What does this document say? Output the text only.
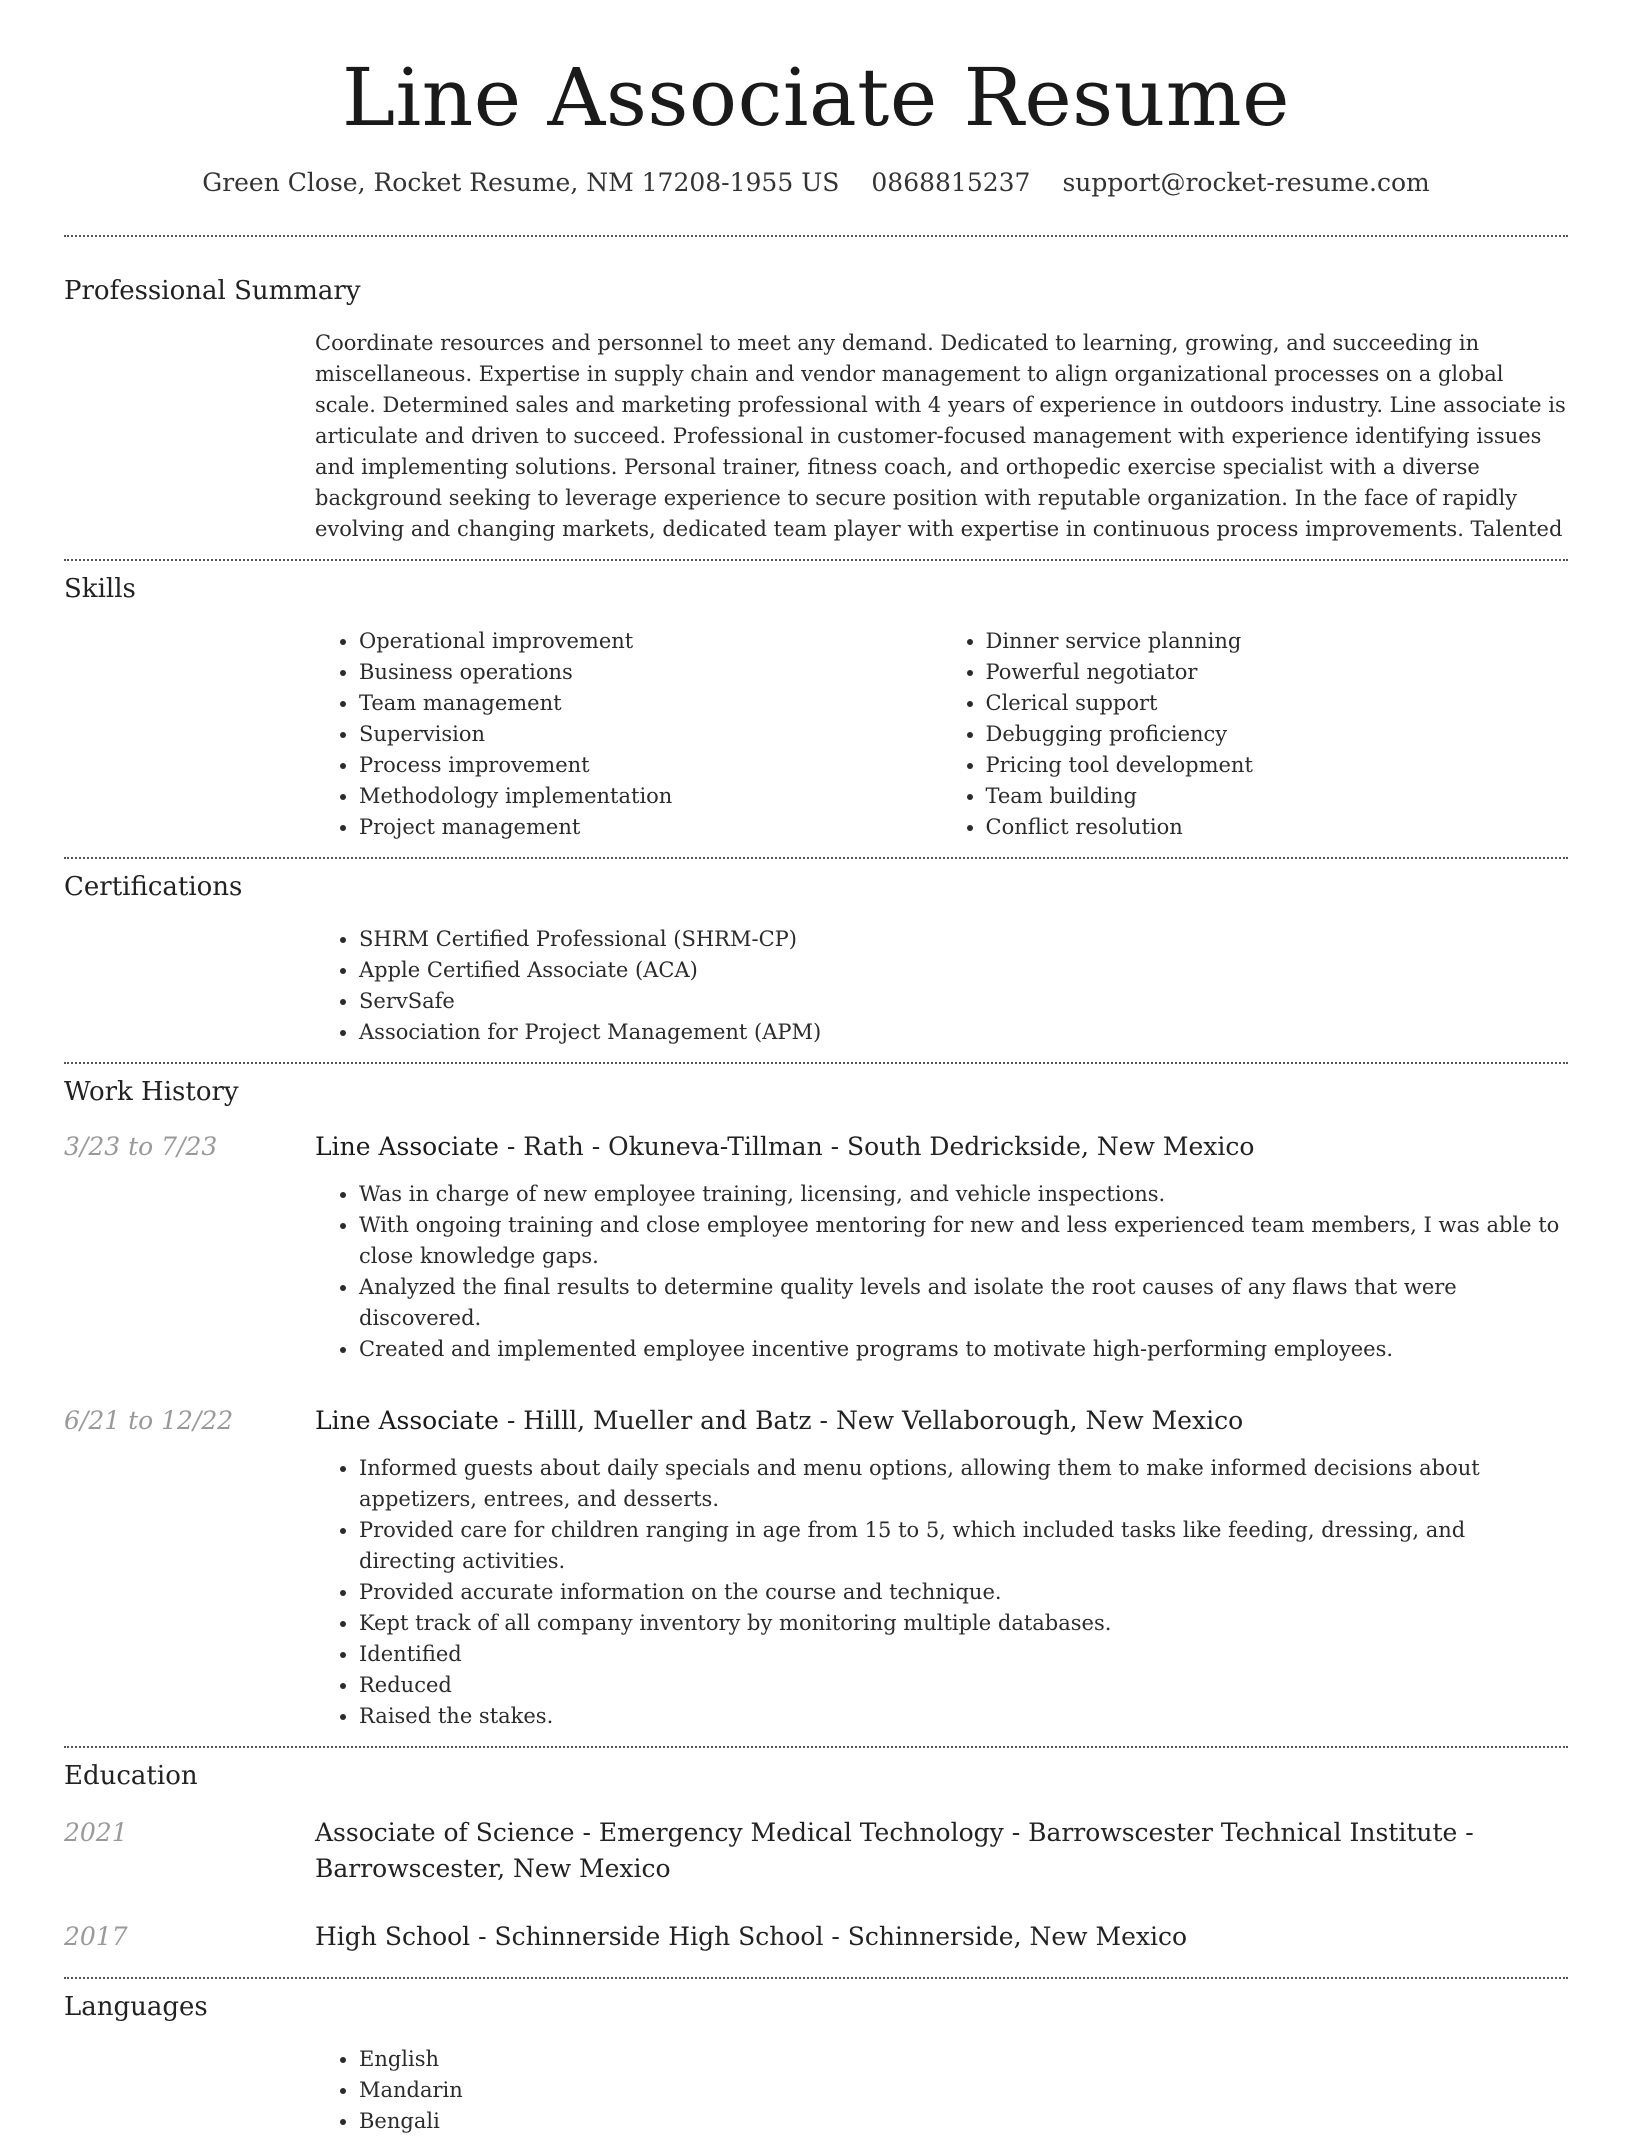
Line Associate Resume
Green Close, Rocket Resume, NM 17208-1955 US 0868815237 support@rocket-resume.com
Professional Summary
Coordinate resources and personnel to meet any demand. Dedicated to learning, growing, and succeeding in miscellaneous. Expertise in supply chain and vendor management to align organizational processes on a global scale. Determined sales and marketing professional with 4 years of experience in outdoors industry. Line associate is articulate and driven to succeed. Professional in customer-focused management with experience identifying issues and implementing solutions. Personal trainer, fitness coach, and orthopedic exercise specialist with a diverse background seeking to leverage experience to secure position with reputable organization. In the face of rapidly evolving and changing markets, dedicated team player with expertise in continuous process improvements. Talented
Skills
• Operational improvement
• Business operations
• Team management
• Supervision
• Process improvement
• Methodology implementation
• Project management
• Dinner service planning
• Powerful negotiator
• Clerical support
• Debugging proficiency
• Pricing tool development
• Team building
• Conflict resolution
Certifications
• SHRM Certified Professional (SHRM-CP)
• Apple Certified Associate (ACA)
• ServSafe
• Association for Project Management (APM)
Work History
3/23 to 7/23	Line Associate - Rath - Okuneva-Tillman - South Dedrickside, New Mexico
• Was in charge of new employee training, licensing, and vehicle inspections.
• With ongoing training and close employee mentoring for new and less experienced team members, I was able to close knowledge gaps.
• Analyzed the final results to determine quality levels and isolate the root causes of any flaws that were discovered.
• Created and implemented employee incentive programs to motivate high-performing employees.
6/21 to 12/22	Line Associate - Hilll, Mueller and Batz - New Vellaborough, New Mexico
• Informed guests about daily specials and menu options, allowing them to make informed decisions about appetizers, entrees, and desserts.
• Provided care for children ranging in age from 15 to 5, which included tasks like feeding, dressing, and directing activities.
• Provided accurate information on the course and technique.
• Kept track of all company inventory by monitoring multiple databases.
• Identified
• Reduced
• Raised the stakes.
Education
2021	Associate of Science - Emergency Medical Technology - Barrowscester Technical Institute - Barrowscester, New Mexico
2017	High School - Schinnerside High School - Schinnerside, New Mexico
Languages
• English
• Mandarin
• Bengali
